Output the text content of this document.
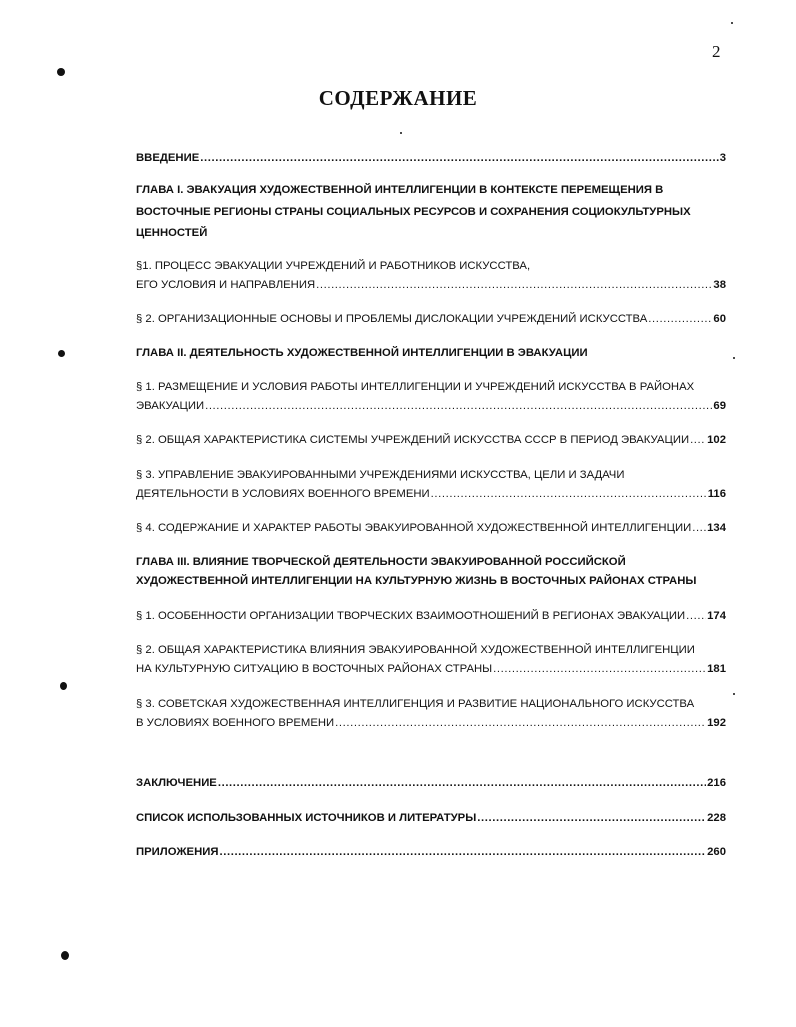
2
СОДЕРЖАНИЕ
ВВЕДЕНИЕ .....	3
ГЛАВА I. ЭВАКУАЦИЯ ХУДОЖЕСТВЕННОЙ ИНТЕЛЛИГЕНЦИИ В КОНТЕКСТЕ ПЕРЕМЕЩЕНИЯ В
ВОСТОЧНЫЕ РЕГИОНЫ СТРАНЫ СОЦИАЛЬНЫХ РЕСУРСОВ И СОХРАНЕНИЯ СОЦИОКУЛЬТУРНЫХ
ЦЕННОСТЕЙ
§1. ПРОЦЕСС ЭВАКУАЦИИ УЧРЕЖДЕНИЙ И РАБОТНИКОВ ИСКУССТВА,
ЕГО УСЛОВИЯ И НАПРАВЛЕНИЯ .....	38
§ 2. ОРГАНИЗАЦИОННЫЕ ОСНОВЫ И ПРОБЛЕМЫ ДИСЛОКАЦИИ УЧРЕЖДЕНИЙ ИСКУССТВА .....	60
ГЛАВА II. ДЕЯТЕЛЬНОСТЬ ХУДОЖЕСТВЕННОЙ ИНТЕЛЛИГЕНЦИИ В ЭВАКУАЦИИ
§ 1. РАЗМЕЩЕНИЕ И УСЛОВИЯ РАБОТЫ ИНТЕЛЛИГЕНЦИИ И УЧРЕЖДЕНИЙ ИСКУССТВА В РАЙОНАХ
ЭВАКУАЦИИ .....	69
§ 2. ОБЩАЯ ХАРАКТЕРИСТИКА СИСТЕМЫ УЧРЕЖДЕНИЙ ИСКУССТВА СССР В ПЕРИОД ЭВАКУАЦИИ ..... 102
§ 3. УПРАВЛЕНИЕ ЭВАКУИРОВАННЫМИ УЧРЕЖДЕНИЯМИ ИСКУССТВА, ЦЕЛИ И ЗАДАЧИ
ДЕЯТЕЛЬНОСТИ В УСЛОВИЯХ ВОЕННОГО ВРЕМЕНИ .....	116
§ 4. СОДЕРЖАНИЕ И ХАРАКТЕР РАБОТЫ ЭВАКУИРОВАННОЙ ХУДОЖЕСТВЕННОЙ ИНТЕЛЛИГЕНЦИИ ..... 134
ГЛАВА III. ВЛИЯНИЕ ТВОРЧЕСКОЙ ДЕЯТЕЛЬНОСТИ ЭВАКУИРОВАННОЙ РОССИЙСКОЙ
ХУДОЖЕСТВЕННОЙ ИНТЕЛЛИГЕНЦИИ НА КУЛЬТУРНУЮ ЖИЗНЬ В ВОСТОЧНЫХ РАЙОНАХ СТРАНЫ
§ 1. ОСОБЕННОСТИ ОРГАНИЗАЦИИ ТВОРЧЕСКИХ ВЗАИМООТНОШЕНИЙ В РЕГИОНАХ ЭВАКУАЦИИ ..... 174
§ 2. ОБЩАЯ ХАРАКТЕРИСТИКА ВЛИЯНИЯ ЭВАКУИРОВАННОЙ ХУДОЖЕСТВЕННОЙ ИНТЕЛЛИГЕНЦИИ
НА КУЛЬТУРНУЮ СИТУАЦИЮ В ВОСТОЧНЫХ РАЙОНАХ СТРАНЫ .....	181
§ 3. СОВЕТСКАЯ ХУДОЖЕСТВЕННАЯ ИНТЕЛЛИГЕНЦИЯ И РАЗВИТИЕ НАЦИОНАЛЬНОГО ИСКУССТВА
В УСЛОВИЯХ ВОЕННОГО ВРЕМЕНИ .....	192
ЗАКЛЮЧЕНИЕ .....	216
СПИСОК ИСПОЛЬЗОВАННЫХ ИСТОЧНИКОВ И ЛИТЕРАТУРЫ .....	228
ПРИЛОЖЕНИЯ .....	260
